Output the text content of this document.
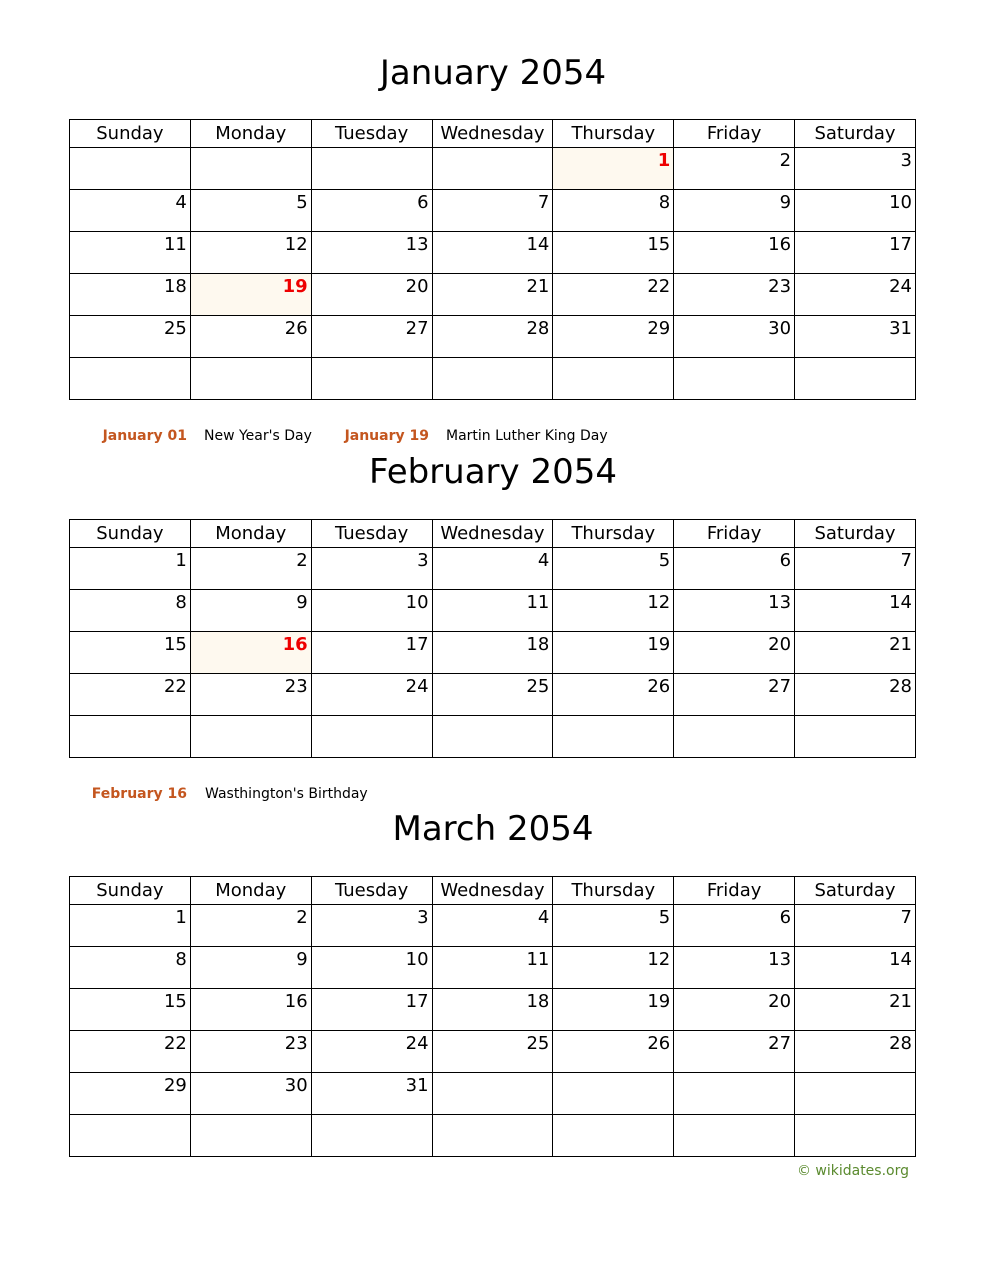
January 2054
Sunday	Monday	Tuesday	Wednesday	Thursday	Friday	Saturday

				1	2	3

4	5	6	7	8	9	10

11	12	13	14	15	16	17

18	19	20	21	22	23	24

25	26	27	28	29	30	31

January 01 New Year's Day January 19 Martin Luther King Day
February 2054
Sunday	Monday	Tuesday	Wednesday	Thursday	Friday	Saturday

1	2	3	4	5	6	7

8	9	10	11	12	13	14

15	16	17	18	19	20	21

22	23	24	25	26	27	28

February 16 Wasthington's Birthday
March 2054
Sunday	Monday	Tuesday	Wednesday	Thursday	Friday	Saturday

1	2	3	4	5	6	7

8	9	10	11	12	13	14

15	16	17	18	19	20	21

22	23	24	25	26	27	28

29	30	31				

© wikidates.org
